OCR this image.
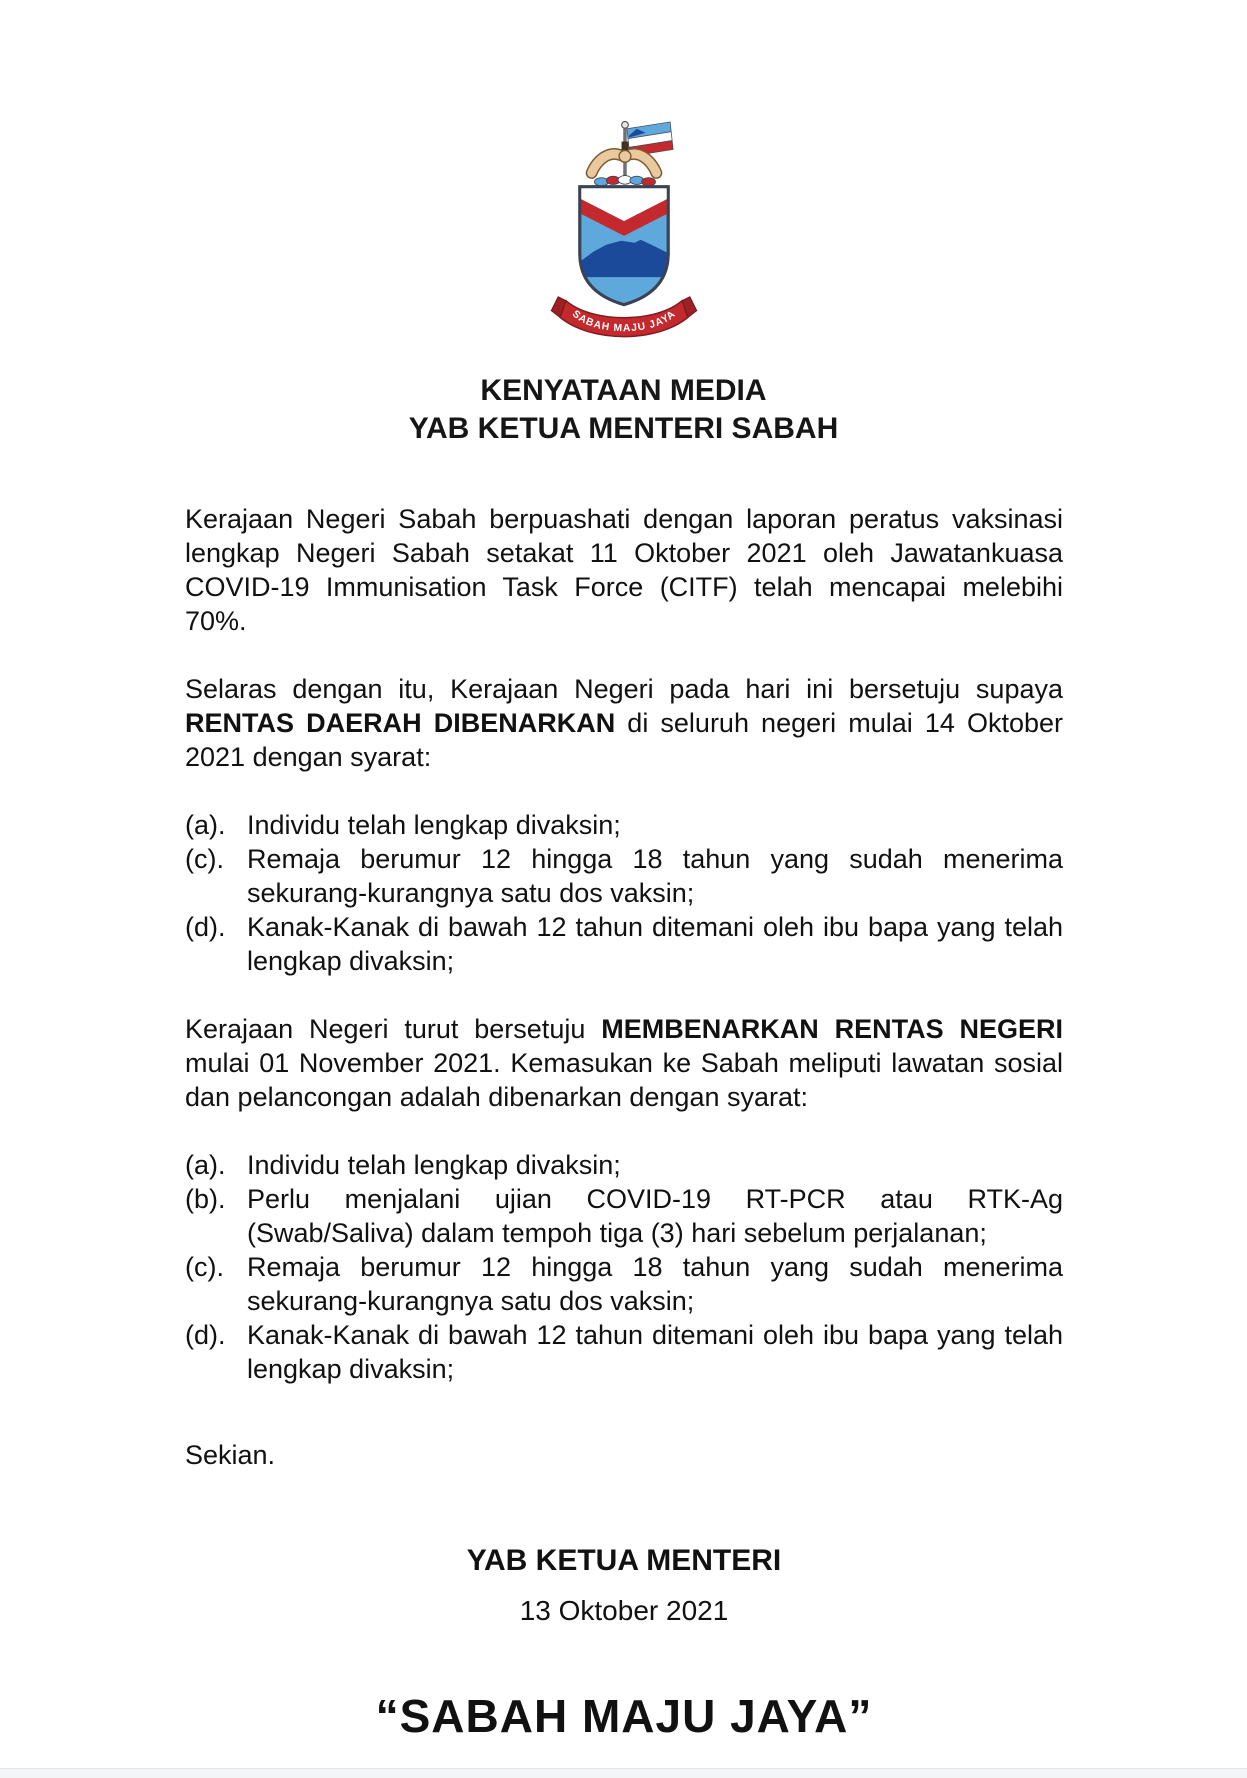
SABAH MAJU JAYA
KENYATAAN MEDIA
YAB KETUA MENTERI SABAH

Kerajaan Negeri Sabah berpuashati dengan laporan peratus vaksinasi lengkap Negeri Sabah setakat 11 Oktober 2021 oleh Jawatankuasa COVID-19 Immunisation Task Force (CITF) telah mencapai melebihi 70%.

Selaras dengan itu, Kerajaan Negeri pada hari ini bersetuju supaya RENTAS DAERAH DIBENARKAN di seluruh negeri mulai 14 Oktober 2021 dengan syarat:

(a). Individu telah lengkap divaksin;
(c). Remaja berumur 12 hingga 18 tahun yang sudah menerima sekurang-kurangnya satu dos vaksin;
(d). Kanak-Kanak di bawah 12 tahun ditemani oleh ibu bapa yang telah lengkap divaksin;

Kerajaan Negeri turut bersetuju MEMBENARKAN RENTAS NEGERI mulai 01 November 2021. Kemasukan ke Sabah meliputi lawatan sosial dan pelancongan adalah dibenarkan dengan syarat:

(a). Individu telah lengkap divaksin;
(b). Perlu menjalani ujian COVID-19 RT-PCR atau RTK-Ag (Swab/Saliva) dalam tempoh tiga (3) hari sebelum perjalanan;
(c). Remaja berumur 12 hingga 18 tahun yang sudah menerima sekurang-kurangnya satu dos vaksin;
(d). Kanak-Kanak di bawah 12 tahun ditemani oleh ibu bapa yang telah lengkap divaksin;
Sekian.
YAB KETUA MENTERI
13 Oktober 2021
“SABAH MAJU JAYA”
